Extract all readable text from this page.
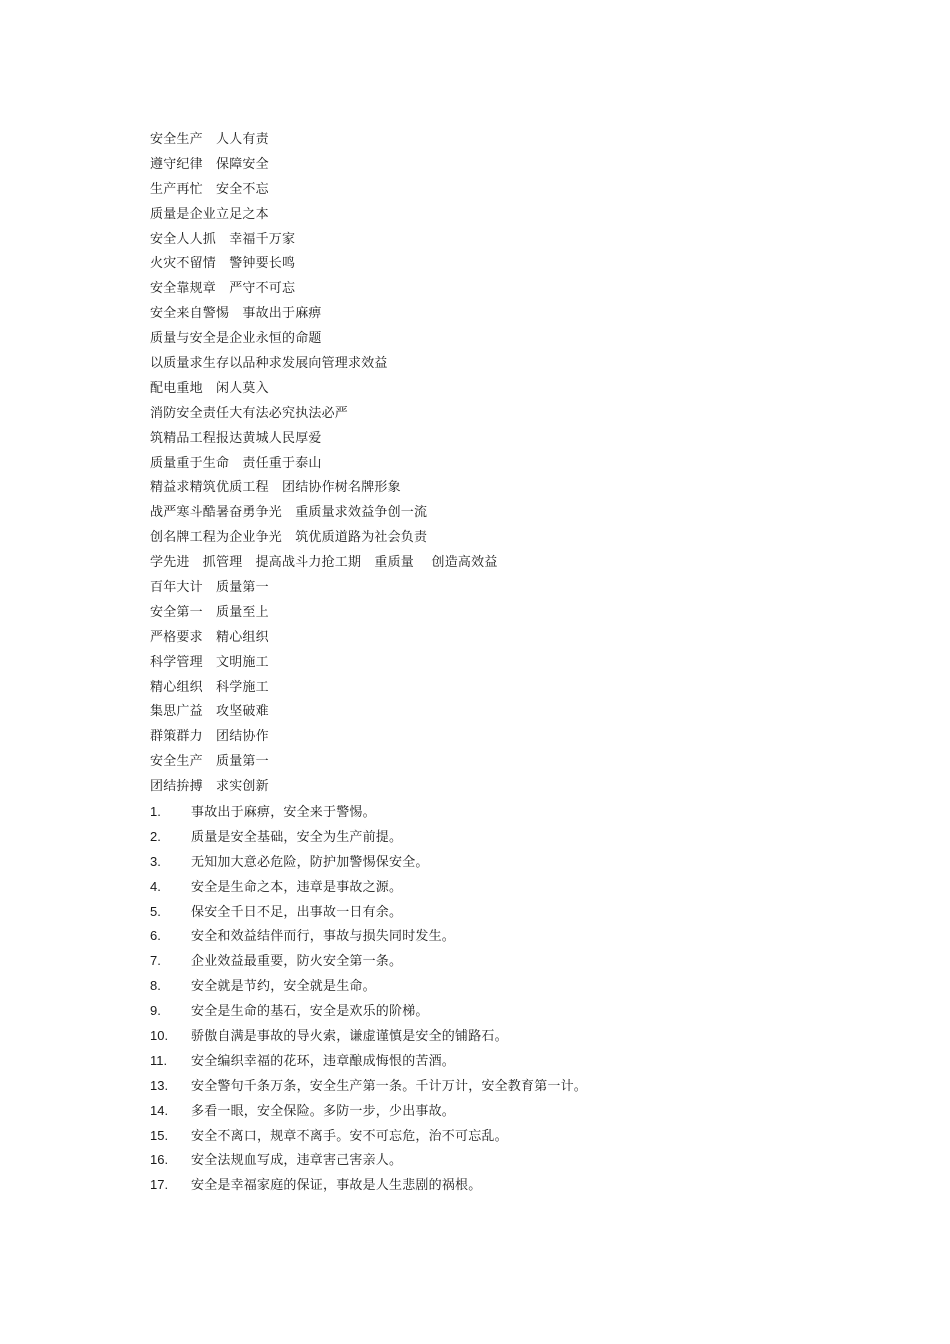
安全生产　人人有责
遵守纪律　保障安全
生产再忙　安全不忘
质量是企业立足之本
安全人人抓　幸福千万家
火灾不留情　警钟要长鸣
安全靠规章　严守不可忘
安全来自警惕　事故出于麻痹
质量与安全是企业永恒的命题
以质量求生存以品种求发展向管理求效益
配电重地　闲人莫入
消防安全责任大有法必究执法必严
筑精品工程报达黄城人民厚爱
质量重于生命　责任重于泰山
精益求精筑优质工程　团结协作树名牌形象
战严寒斗酷暑奋勇争光　重质量求效益争创一流
创名牌工程为企业争光　筑优质道路为社会负责
学先进　抓管理　提高战斗力抢工期　重质量　 创造高效益
百年大计　质量第一
安全第一　质量至上
严格要求　精心组织
科学管理　文明施工
精心组织　科学施工
集思广益　攻坚破难
群策群力　团结协作
安全生产　质量第一
团结拚搏　求实创新
1. 事故出于麻痹，安全来于警惕。
2. 质量是安全基础，安全为生产前提。
3. 无知加大意必危险，防护加警惕保安全。
4. 安全是生命之本，违章是事故之源。
5. 保安全千日不足，出事故一日有余。
6. 安全和效益结伴而行，事故与损失同时发生。
7. 企业效益最重要，防火安全第一条。
8. 安全就是节约，安全就是生命。
9. 安全是生命的基石，安全是欢乐的阶梯。
10. 骄傲自满是事故的导火索，谦虚谨慎是安全的铺路石。
11. 安全编织幸福的花环，违章酿成悔恨的苦酒。
13. 安全警句千条万条，安全生产第一条。千计万计，安全教育第一计。
14. 多看一眼，安全保险。多防一步，少出事故。
15. 安全不离口，规章不离手。安不可忘危，治不可忘乱。
16. 安全法规血写成，违章害己害亲人。
17. 安全是幸福家庭的保证，事故是人生悲剧的祸根。
